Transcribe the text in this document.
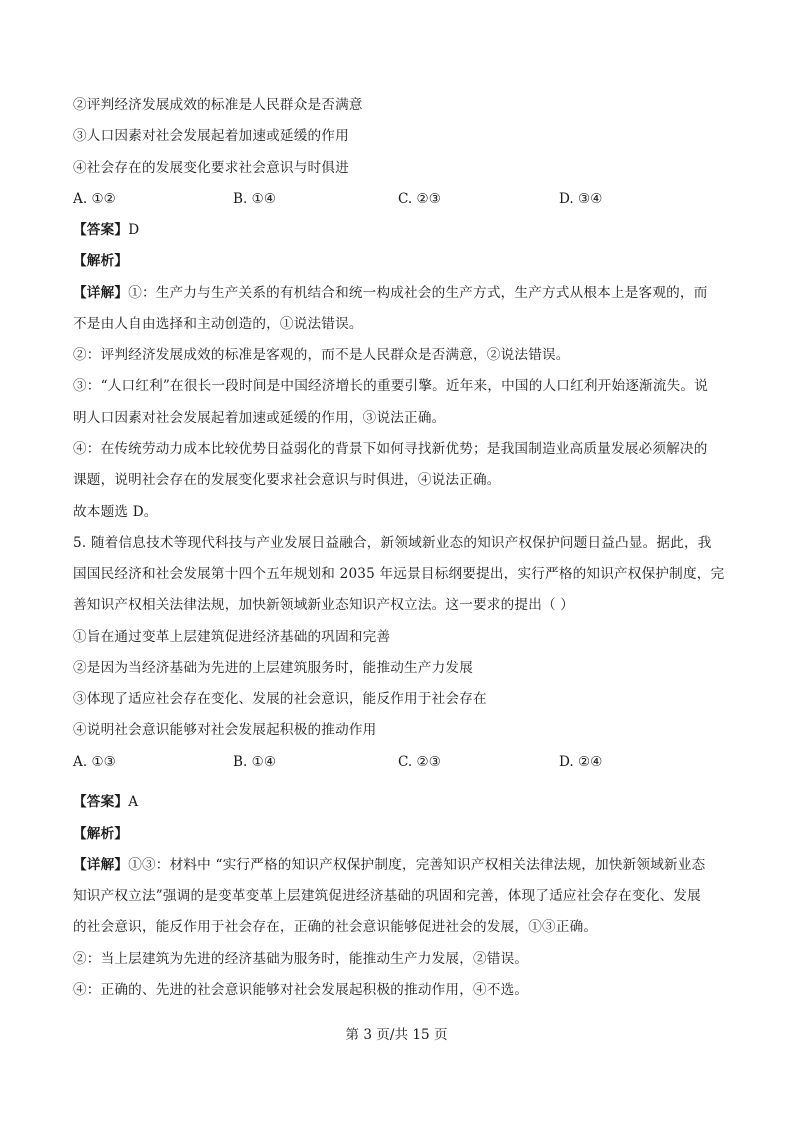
②评判经济发展成效的标准是人民群众是否满意
③人口因素对社会发展起着加速或延缓的作用
④社会存在的发展变化要求社会意识与时俱进
A. ①②	B. ①④	C. ②③	D. ③④
【答案】D
【解析】
【详解】①：生产力与生产关系的有机结合和统一构成社会的生产方式，生产方式从根本上是客观的，而
不是由人自由选择和主动创造的，①说法错误。
②：评判经济发展成效的标准是客观的，而不是人民群众是否满意，②说法错误。
③：“人口红利”在很长一段时间是中国经济增长的重要引擎。近年来，中国的人口红利开始逐渐流失。说
明人口因素对社会发展起着加速或延缓的作用，③说法正确。
④：在传统劳动力成本比较优势日益弱化的背景下如何寻找新优势；是我国制造业高质量发展必须解决的
课题，说明社会存在的发展变化要求社会意识与时俱进，④说法正确。
故本题选 D。
5. 随着信息技术等现代科技与产业发展日益融合，新领域新业态的知识产权保护问题日益凸显。据此，我
国国民经济和社会发展第十四个五年规划和 2035 年远景目标纲要提出，实行严格的知识产权保护制度，完
善知识产权相关法律法规，加快新领域新业态知识产权立法。这一要求的提出（ ）
①旨在通过变革上层建筑促进经济基础的巩固和完善
②是因为当经济基础为先进的上层建筑服务时，能推动生产力发展
③体现了适应社会存在变化、发展的社会意识，能反作用于社会存在
④说明社会意识能够对社会发展起积极的推动作用
A. ①③	B. ①④	C. ②③	D. ②④
【答案】A
【解析】
【详解】①③：材料中 “实行严格的知识产权保护制度，完善知识产权相关法律法规，加快新领域新业态
知识产权立法”强调的是变革变革上层建筑促进经济基础的巩固和完善，体现了适应社会存在变化、发展
的社会意识，能反作用于社会存在，正确的社会意识能够促进社会的发展，①③正确。
②：当上层建筑为先进的经济基础为服务时，能推动生产力发展，②错误。
④：正确的、先进的社会意识能够对社会发展起积极的推动作用，④不选。
第 3 页/共 15 页
